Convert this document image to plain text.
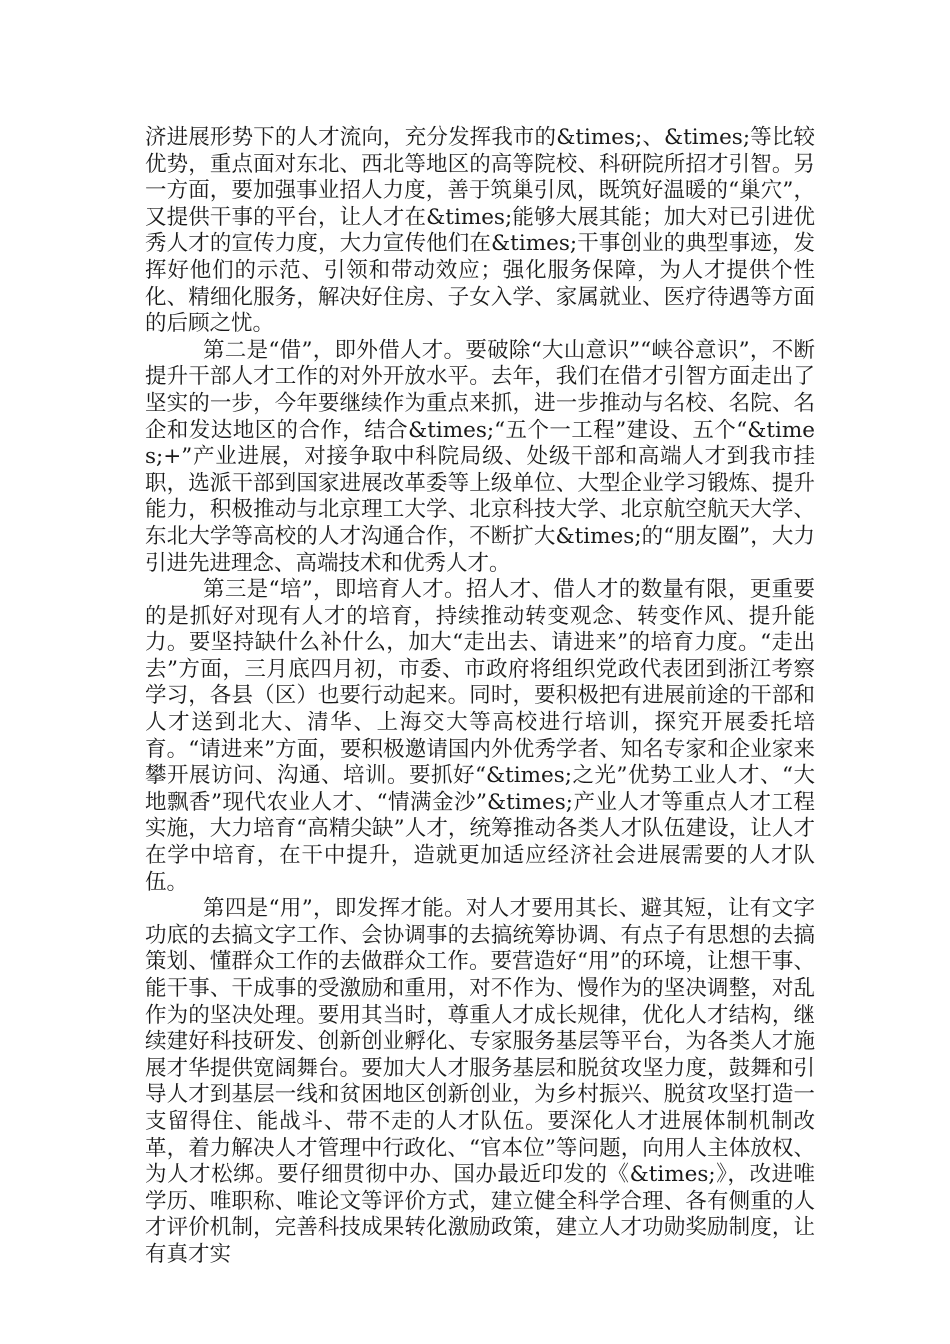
济进展形势下的人才流向，充分发挥我市的&times;、&times;等比较优势，重点面对东北、西北等地区的高等院校、科研院所招才引智。另一方面，要加强事业招人力度，善于筑巢引凤，既筑好温暖的“巢穴”，又提供干事的平台，让人才在&times;能够大展其能；加大对已引进优秀人才的宣传力度，大力宣传他们在&times;干事创业的典型事迹，发挥好他们的示范、引领和带动效应；强化服务保障，为人才提供个性化、精细化服务，解决好住房、子女入学、家属就业、医疗待遇等方面的后顾之忧。

第二是“借”，即外借人才。要破除“大山意识”“峡谷意识”，不断提升干部人才工作的对外开放水平。去年，我们在借才引智方面走出了坚实的一步，今年要继续作为重点来抓，进一步推动与名校、名院、名企和发达地区的合作，结合&times;“五个一工程”建设、五个“&times;+”产业进展，对接争取中科院局级、处级干部和高端人才到我市挂职，选派干部到国家进展改革委等上级单位、大型企业学习锻炼、提升能力，积极推动与北京理工大学、北京科技大学、北京航空航天大学、东北大学等高校的人才沟通合作，不断扩大&times;的“朋友圈”，大力引进先进理念、高端技术和优秀人才。

第三是“培”，即培育人才。招人才、借人才的数量有限，更重要的是抓好对现有人才的培育，持续推动转变观念、转变作风、提升能力。要坚持缺什么补什么，加大“走出去、请进来”的培育力度。“走出去”方面，三月底四月初，市委、市政府将组织党政代表团到浙江考察学习，各县（区）也要行动起来。同时，要积极把有进展前途的干部和人才送到北大、清华、上海交大等高校进行培训，探究开展委托培育。“请进来”方面，要积极邀请国内外优秀学者、知名专家和企业家来攀开展访问、沟通、培训。要抓好“&times;之光”优势工业人才、“大地飘香”现代农业人才、“情满金沙”&times;产业人才等重点人才工程实施，大力培育“高精尖缺”人才，统筹推动各类人才队伍建设，让人才在学中培育，在干中提升，造就更加适应经济社会进展需要的人才队伍。

第四是“用”，即发挥才能。对人才要用其长、避其短，让有文字功底的去搞文字工作、会协调事的去搞统筹协调、有点子有思想的去搞策划、懂群众工作的去做群众工作。要营造好“用”的环境，让想干事、能干事、干成事的受激励和重用，对不作为、慢作为的坚决调整，对乱作为的坚决处理。要用其当时，尊重人才成长规律，优化人才结构，继续建好科技研发、创新创业孵化、专家服务基层等平台，为各类人才施展才华提供宽阔舞台。要加大人才服务基层和脱贫攻坚力度，鼓舞和引导人才到基层一线和贫困地区创新创业，为乡村振兴、脱贫攻坚打造一支留得住、能战斗、带不走的人才队伍。要深化人才进展体制机制改革，着力解决人才管理中行政化、“官本位”等问题，向用人主体放权、为人才松绑。要仔细贯彻中办、国办最近印发的《&times;》，改进唯学历、唯职称、唯论文等评价方式，建立健全科学合理、各有侧重的人才评价机制，完善科技成果转化激励政策，建立人才功勋奖励制度，让有真才实
